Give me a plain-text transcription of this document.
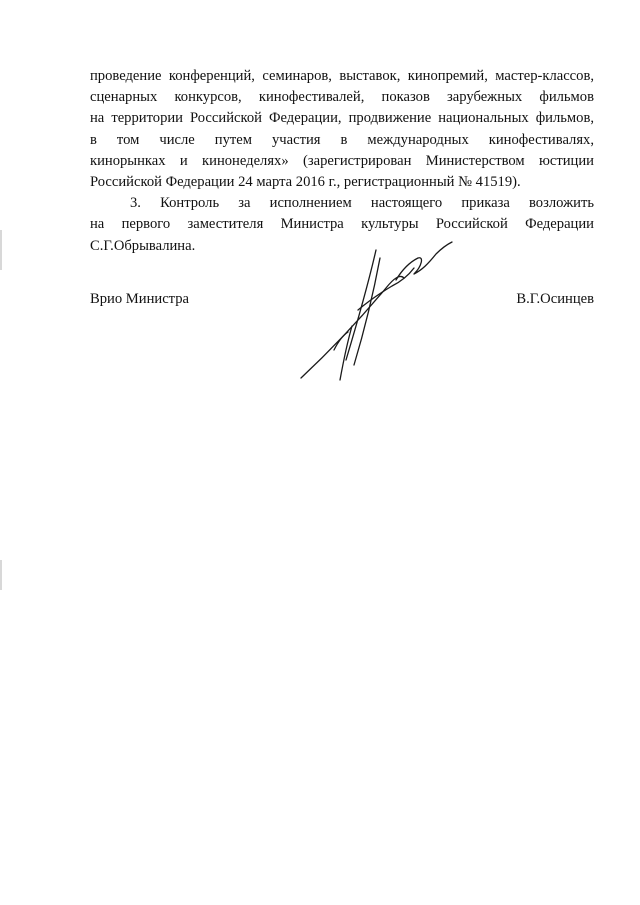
проведение конференций, семинаров, выставок, кинопремий, мастер-классов,
сценарных конкурсов, кинофестивалей, показов зарубежных фильмов
на территории Российской Федерации, продвижение национальных фильмов,
в том числе путем участия в международных кинофестивалях,
кинорынках и кинонеделях» (зарегистрирован Министерством юстиции
Российской Федерации 24 марта 2016 г., регистрационный № 41519).
3. Контроль за исполнением настоящего приказа возложить
на первого заместителя Министра культуры Российской Федерации
С.Г.Обрывалина.
Врио Министра	В.Г.Осинцев
